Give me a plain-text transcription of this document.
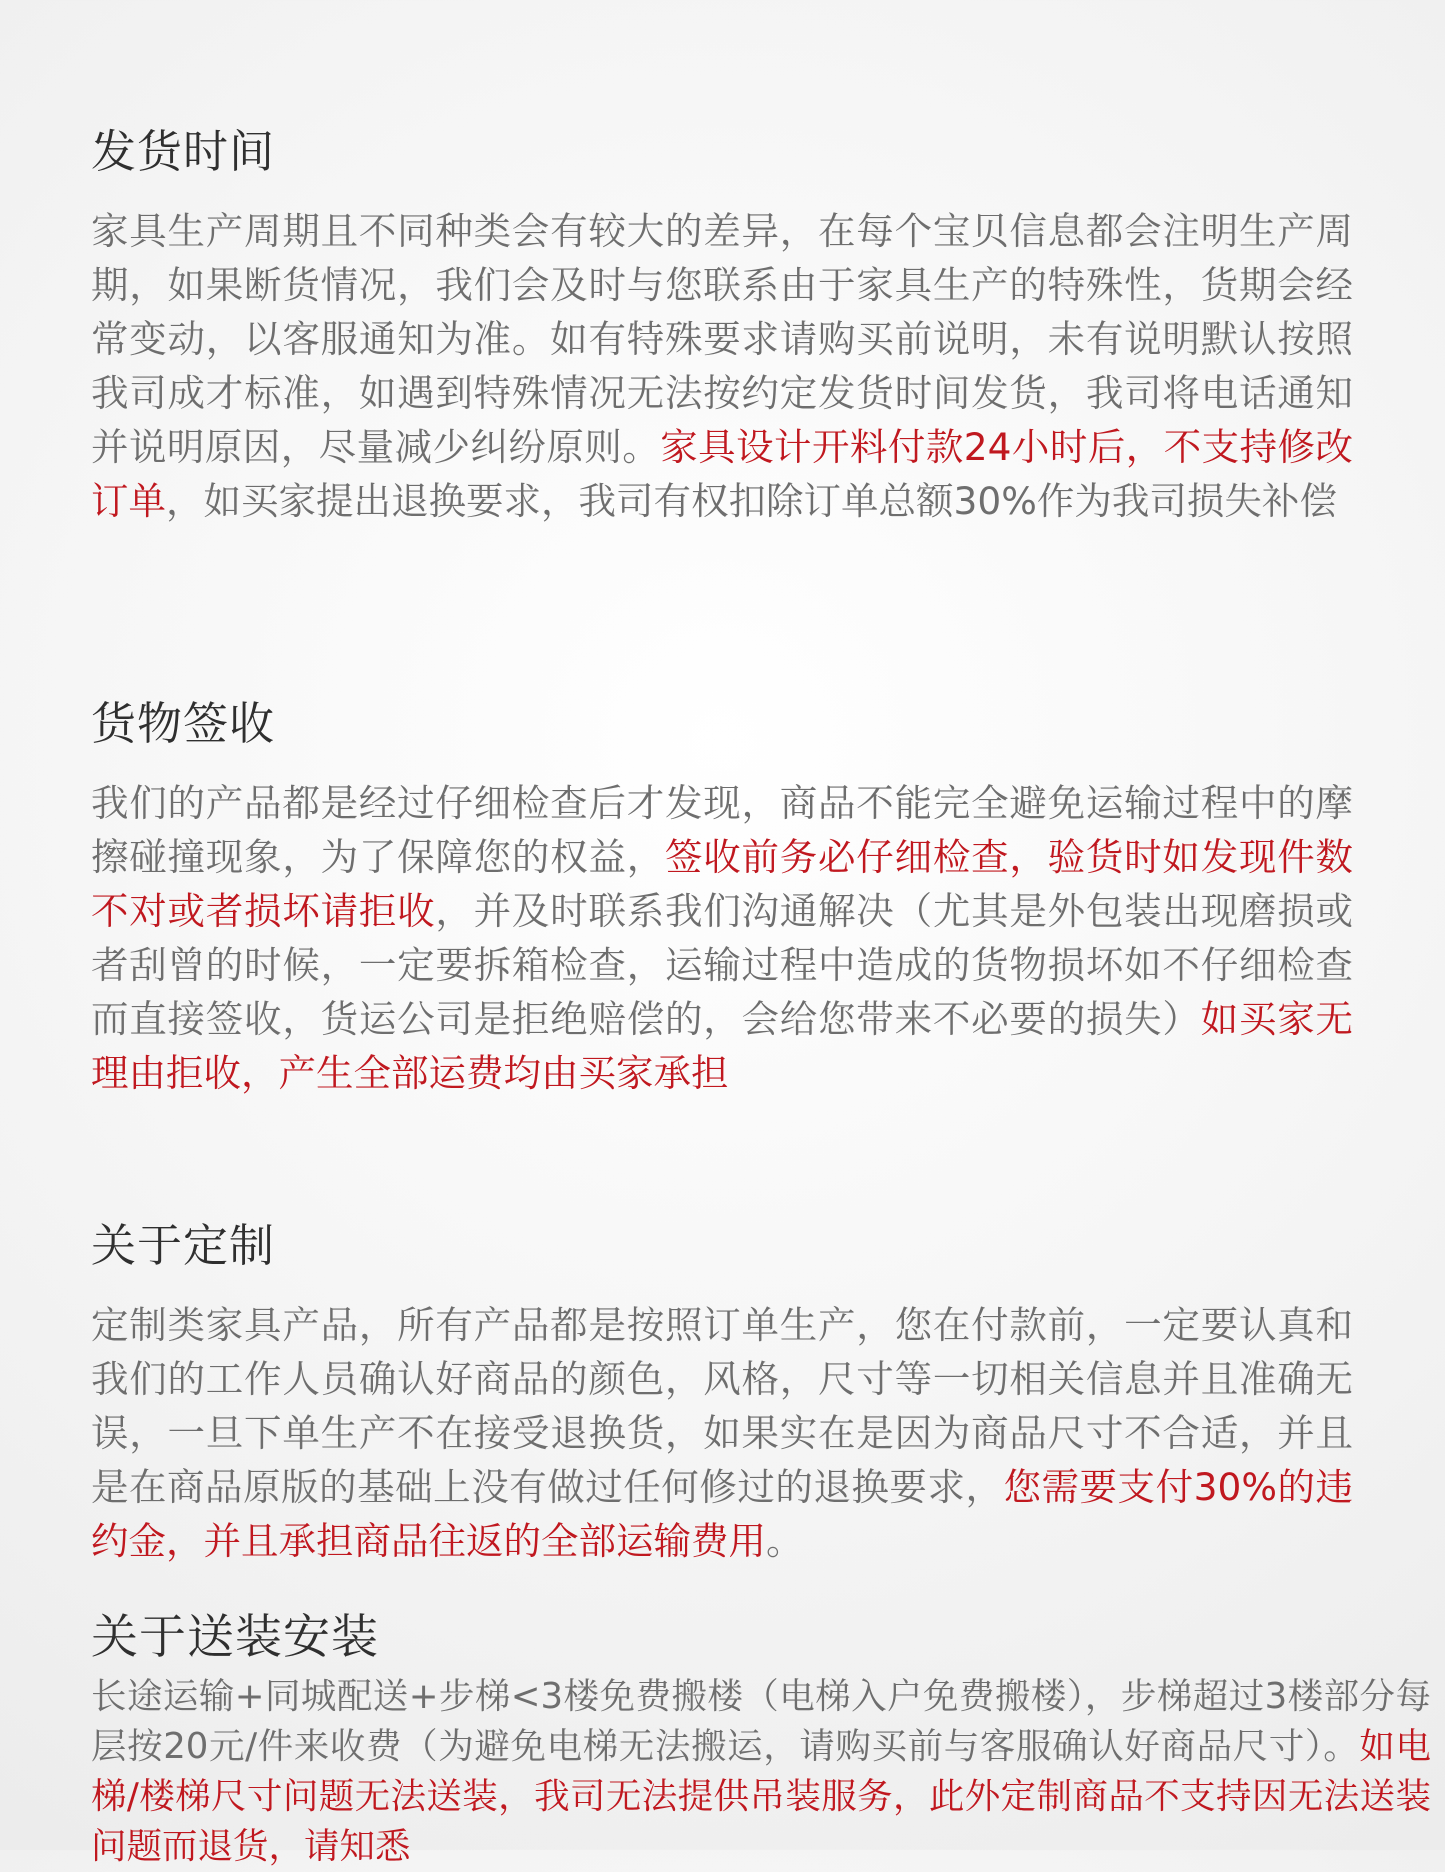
发货时间

家具生产周期且不同种类会有较大的差异，在每个宝贝信息都会注明生产周期，如果断货情况，我们会及时与您联系由于家具生产的特殊性，货期会经常变动，以客服通知为准。如有特殊要求请购买前说明，未有说明默认按照我司成才标准，如遇到特殊情况无法按约定发货时间发货，我司将电话通知并说明原因，尽量减少纠纷原则。家具设计开料付款24小时后，不支持修改订单，如买家提出退换要求，我司有权扣除订单总额30%作为我司损失补偿

货物签收

我们的产品都是经过仔细检查后才发现，商品不能完全避免运输过程中的摩擦碰撞现象，为了保障您的权益，签收前务必仔细检查，验货时如发现件数不对或者损坏请拒收，并及时联系我们沟通解决（尤其是外包装出现磨损或者刮曾的时候，一定要拆箱检查，运输过程中造成的货物损坏如不仔细检查而直接签收，货运公司是拒绝赔偿的，会给您带来不必要的损失）如买家无理由拒收，产生全部运费均由买家承担

关于定制

定制类家具产品，所有产品都是按照订单生产，您在付款前，一定要认真和我们的工作人员确认好商品的颜色，风格，尺寸等一切相关信息并且准确无误，一旦下单生产不在接受退换货，如果实在是因为商品尺寸不合适，并且是在商品原版的基础上没有做过任何修过的退换要求，您需要支付30%的违约金，并且承担商品往返的全部运输费用。

关于送装安装

长途运输+同城配送+步梯<3楼免费搬楼（电梯入户免费搬楼），步梯超过3楼部分每层按20元/件来收费（为避免电梯无法搬运，请购买前与客服确认好商品尺寸）。如电梯/楼梯尺寸问题无法送装，我司无法提供吊装服务，此外定制商品不支持因无法送装问题而退货，请知悉
